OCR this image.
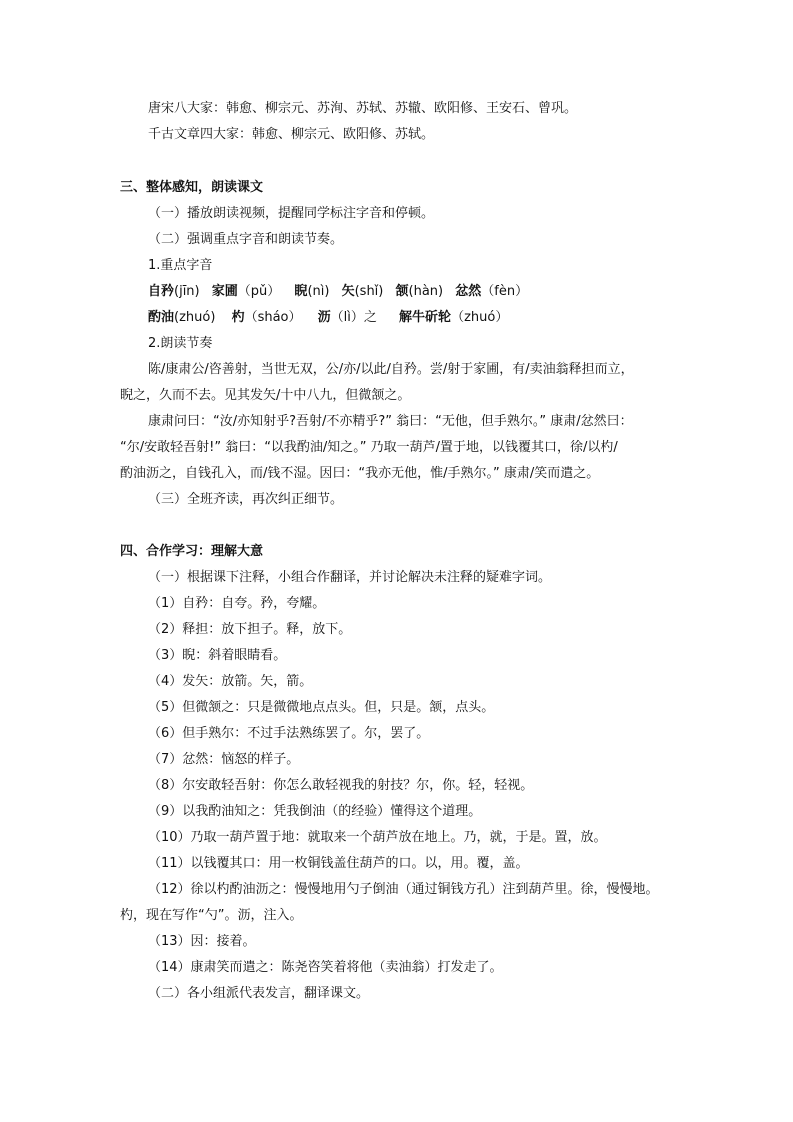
唐宋八大家：韩愈、柳宗元、苏洵、苏轼、苏辙、欧阳修、王安石、曾巩。
千古文章四大家：韩愈、柳宗元、欧阳修、苏轼。
三、整体感知，朗读课文
（一）播放朗读视频，提醒同学标注字音和停顿。
（二）强调重点字音和朗读节奏。
1.重点字音
自矜(jīn) 家圃（pǔ） 睨(nì) 矢(shǐ) 颔(hàn) 忿然（fèn）
酌油(zhuó) 杓（sháo） 沥（lì）之 解牛斫轮（zhuó）
2.朗读节奏
陈/康肃公/咨善射，当世无双，公/亦/以此/自矜。尝/射于家圃，有/卖油翁释担而立，
睨之，久而不去。见其发矢/十中八九，但微颔之。
康肃问曰：“汝/亦知射乎?吾射/不亦精乎?” 翁曰：“无他，但手熟尔。” 康肃/忿然曰：
“尔/安敢轻吾射!” 翁曰：“以我酌油/知之。” 乃取一葫芦/置于地，以钱覆其口，徐/以杓/
酌油沥之，自钱孔入，而/钱不湿。因曰：“我亦无他，惟/手熟尔。” 康肃/笑而遣之。
（三）全班齐读，再次纠正细节。
四、合作学习：理解大意
（一）根据课下注释，小组合作翻译，并讨论解决未注释的疑难字词。
（1）自矜：自夸。矜，夸耀。
（2）释担：放下担子。释，放下。
（3）睨：斜着眼睛看。
（4）发矢：放箭。矢，箭。
（5）但微颔之：只是微微地点点头。但，只是。颔，点头。
（6）但手熟尔：不过手法熟练罢了。尔，罢了。
（7）忿然：恼怒的样子。
（8）尔安敢轻吾射：你怎么敢轻视我的射技？尔，你。轻，轻视。
（9）以我酌油知之：凭我倒油（的经验）懂得这个道理。
（10）乃取一葫芦置于地：就取来一个葫芦放在地上。乃，就，于是。置，放。
（11）以钱覆其口：用一枚铜钱盖住葫芦的口。以，用。覆，盖。
（12）徐以杓酌油沥之：慢慢地用勺子倒油（通过铜钱方孔）注到葫芦里。徐，慢慢地。
杓，现在写作“勺”。沥，注入。
（13）因：接着。
（14）康肃笑而遣之：陈尧咨笑着将他（卖油翁）打发走了。
（二）各小组派代表发言，翻译课文。
